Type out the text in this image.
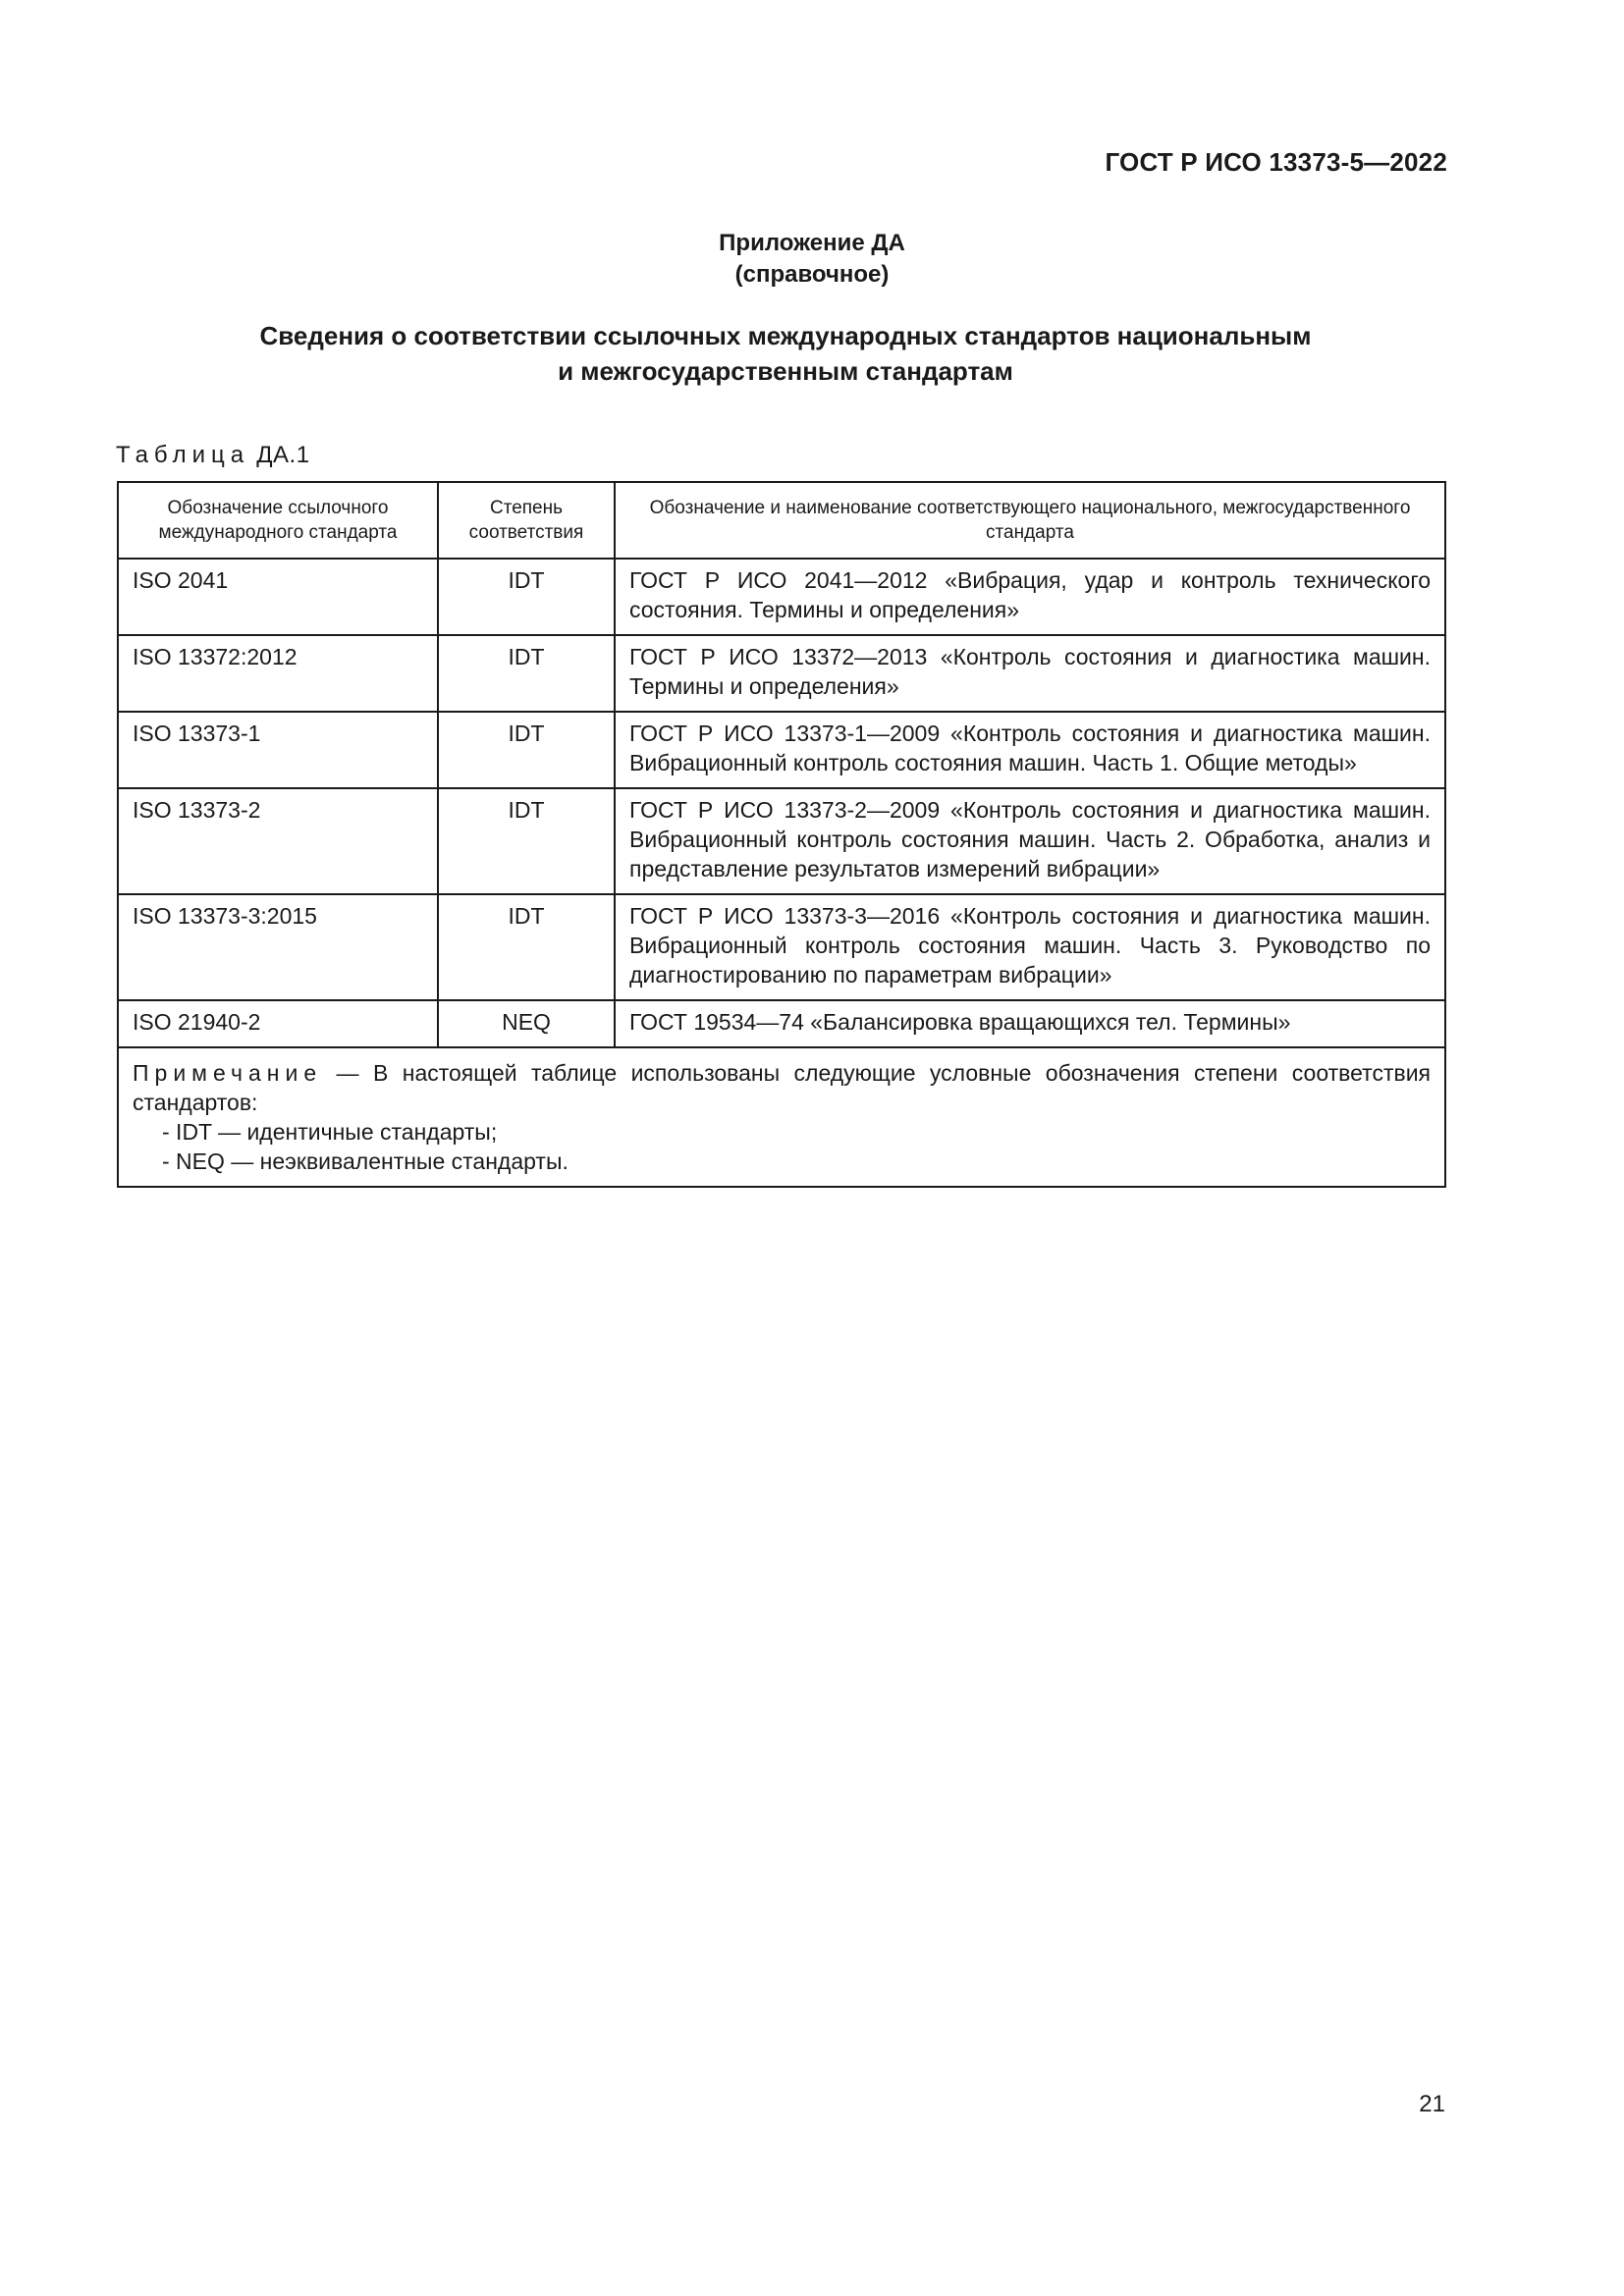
ГОСТ Р ИСО 13373-5—2022
Приложение ДА
(справочное)
Сведения о соответствии ссылочных международных стандартов национальным
и межгосударственным стандартам
Таблица ДА.1
Обозначение ссылочного международного стандарта	Степень соответствия	Обозначение и наименование соответствующего национального, межгосударственного стандарта
ISO 2041	IDT	ГОСТ Р ИСО 2041—2012 «Вибрация, удар и контроль технического состояния. Термины и определения»
ISO 13372:2012	IDT	ГОСТ Р ИСО 13372—2013 «Контроль состояния и диагностика машин. Термины и определения»
ISO 13373-1	IDT	ГОСТ Р ИСО 13373-1—2009 «Контроль состояния и диагностика машин. Вибрационный контроль состояния машин. Часть 1. Общие методы»
ISO 13373-2	IDT	ГОСТ Р ИСО 13373-2—2009 «Контроль состояния и диагностика машин. Вибрационный контроль состояния машин. Часть 2. Обработка, анализ и представление результатов измерений вибрации»
ISO 13373-3:2015	IDT	ГОСТ Р ИСО 13373-3—2016 «Контроль состояния и диагностика машин. Вибрационный контроль состояния машин. Часть 3. Руководство по диагностированию по параметрам вибрации»
ISO 21940-2	NEQ	ГОСТ 19534—74 «Балансировка вращающихся тел. Термины»
Примечание — В настоящей таблице использованы следующие условные обозначения степени соответствия стандартов:
- IDT — идентичные стандарты;
- NEQ — неэквивалентные стандарты.		
21
